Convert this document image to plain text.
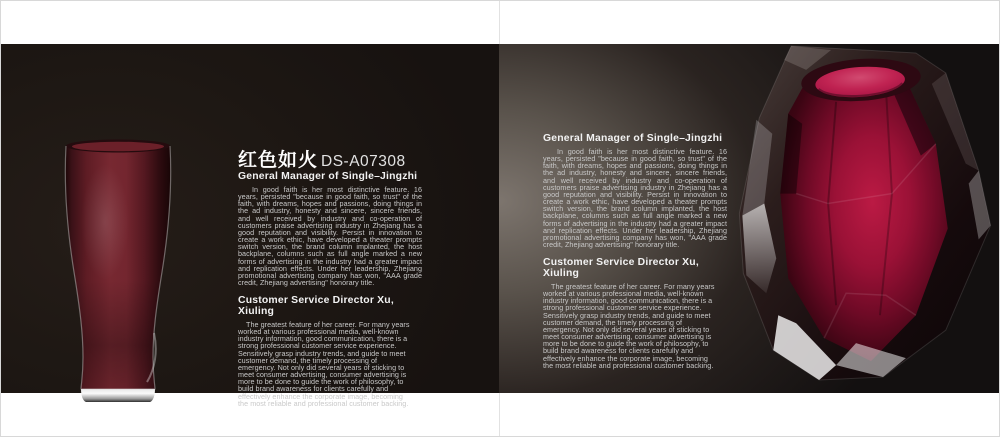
红色如火 DS-A07308
General Manager of Single–Jingzhi

In good faith is her most distinctive feature. 16 years, persisted "because in good faith, so trust" of the faith, with dreams, hopes and passions, doing things in the ad industry, honesty and sincere, sincere friends, and well received by industry and co-operation of customers praise advertising industry in Zhejiang has a good reputation and visibility. Persist in innovation to create a work ethic, have developed a theater prompts switch version, the brand column implanted, the host backplane, columns such as full angle marked a new forms of advertising in the industry had a greater impact and replication effects. Under her leadership, Zhejiang promotional advertising company has won, "AAA grade credit, Zhejiang advertising" honorary title.

Customer Service Director Xu, Xiuling

The greatest feature of her career. For many years worked at various professional media, well-known industry information, good communication, there is a strong professional customer service experience. Sensitively grasp industry trends, and guide to meet customer demand, the timely processing of emergency. Not only did several years of sticking to meet consumer advertising, consumer advertising is more to be done to guide the work of philosophy, to build brand awareness for clients carefully and effectively enhance the corporate image, becoming the most reliable and professional customer backing.

General Manager of Single–Jingzhi

In good faith is her most distinctive feature. 16 years, persisted "because in good faith, so trust" of the faith, with dreams, hopes and passions, doing things in the ad industry, honesty and sincere, sincere friends, and well received by industry and co-operation of customers praise advertising industry in Zhejiang has a good reputation and visibility. Persist in innovation to create a work ethic, have developed a theater prompts switch version, the brand column implanted, the host backplane, columns such as full angle marked a new forms of advertising in the industry had a greater impact and replication effects. Under her leadership, Zhejiang promotional advertising company has won, "AAA grade credit, Zhejiang advertising" honorary title.

Customer Service Director Xu, Xiuling

The greatest feature of her career. For many years worked at various professional media, well-known industry information, good communication, there is a strong professional customer service experience. Sensitively grasp industry trends, and guide to meet customer demand, the timely processing of emergency. Not only did several years of sticking to meet consumer advertising, consumer advertising is more to be done to guide the work of philosophy, to build brand awareness for clients carefully and effectively enhance the corporate image, becoming the most reliable and professional customer backing.
